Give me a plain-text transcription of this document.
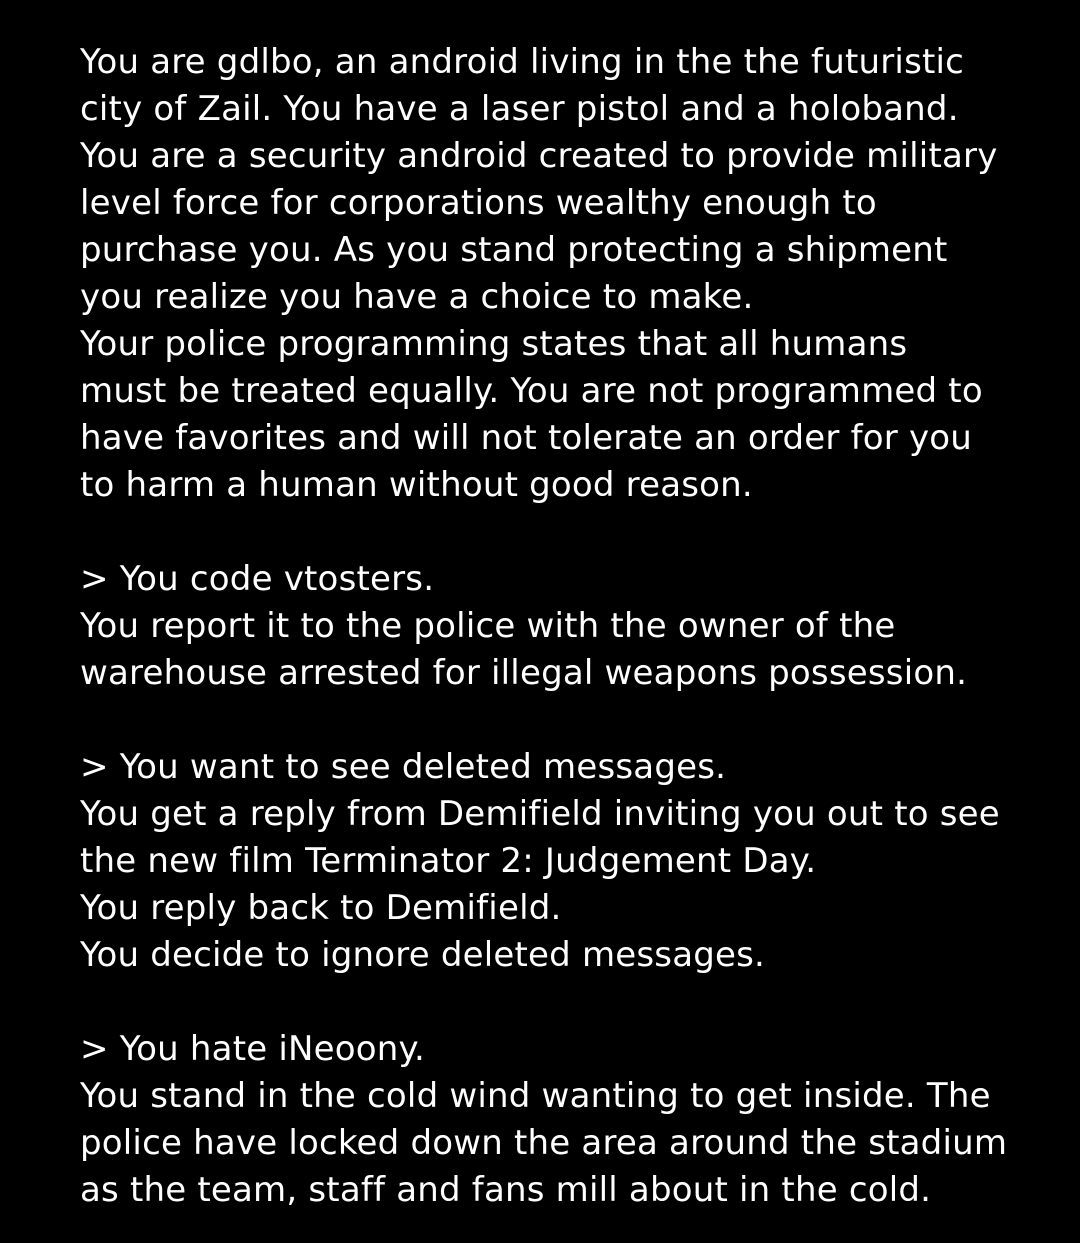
You are gdlbo, an android living in the the futuristic
city of Zail. You have a laser pistol and a holoband.
You are a security android created to provide military
level force for corporations wealthy enough to
purchase you. As you stand protecting a shipment
you realize you have a choice to make.
Your police programming states that all humans
must be treated equally. You are not programmed to
have favorites and will not tolerate an order for you
to harm a human without good reason.
> You code vtosters.
You report it to the police with the owner of the
warehouse arrested for illegal weapons possession.
> You want to see deleted messages.
You get a reply from Demifield inviting you out to see
the new film Terminator 2: Judgement Day.
You reply back to Demifield.
You decide to ignore deleted messages.
> You hate iNeoony.
You stand in the cold wind wanting to get inside. The
police have locked down the area around the stadium
as the team, staff and fans mill about in the cold.
